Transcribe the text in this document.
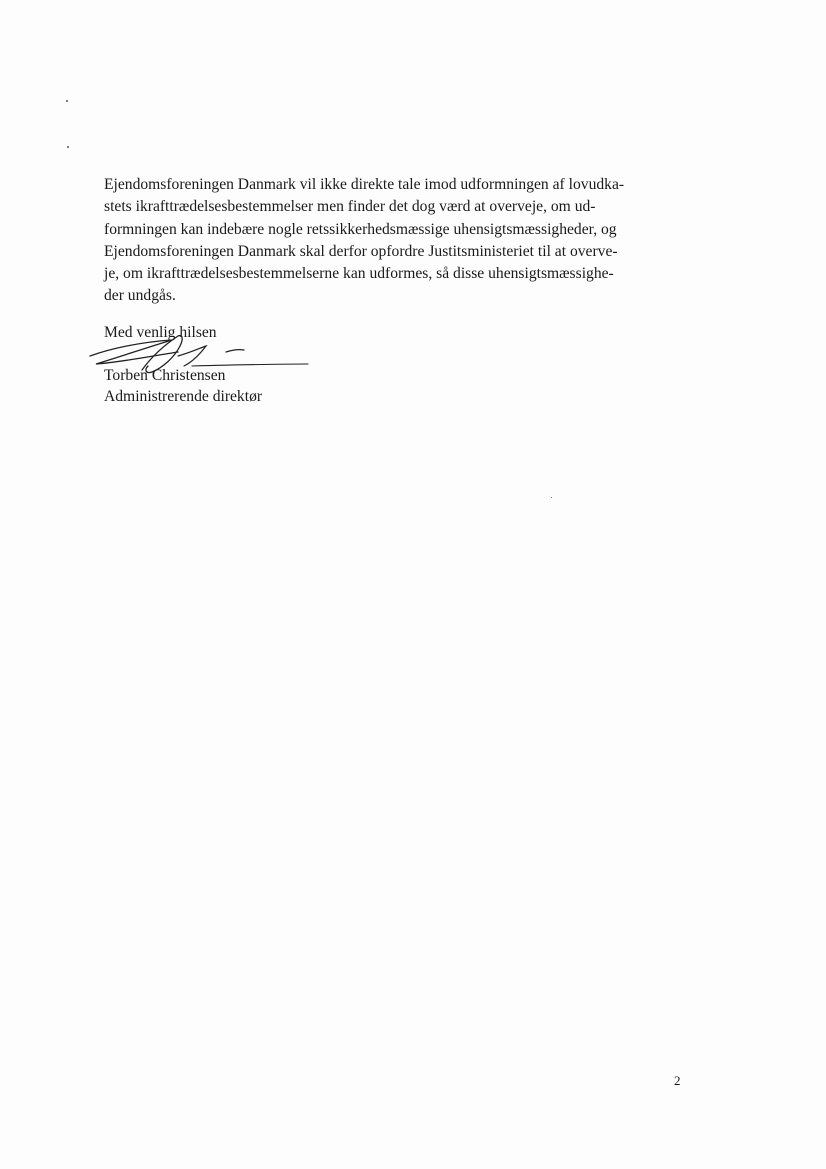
Ejendomsforeningen Danmark vil ikke direkte tale imod udformningen af lovudka-
stets ikrafttrædelsesbestemmelser men finder det dog værd at overveje, om ud-
formningen kan indebære nogle retssikkerhedsmæssige uhensigtsmæssigheder, og
Ejendomsforeningen Danmark skal derfor opfordre Justitsministeriet til at overve-
je, om ikrafttrædelsesbestemmelserne kan udformes, så disse uhensigtsmæssighe-
der undgås.

Med venlig hilsen

Torben Christensen

Administrerende direktør

2
